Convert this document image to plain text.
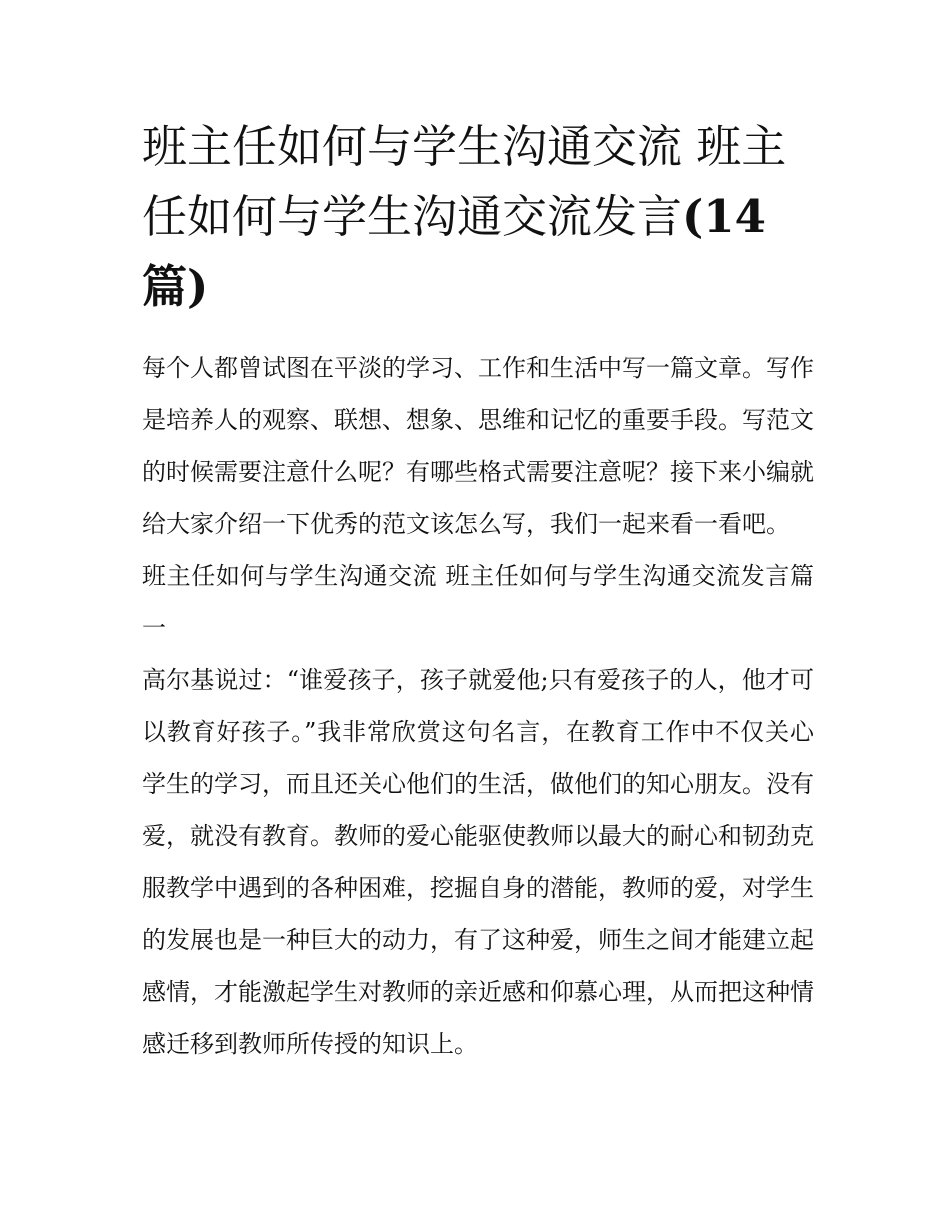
班主任如何与学生沟通交流 班主任如何与学生沟通交流发言(14 篇)

每个人都曾试图在平淡的学习、工作和生活中写一篇文章。写作是培养人的观察、联想、想象、思维和记忆的重要手段。写范文的时候需要注意什么呢？有哪些格式需要注意呢？接下来小编就给大家介绍一下优秀的范文该怎么写，我们一起来看一看吧。

班主任如何与学生沟通交流 班主任如何与学生沟通交流发言篇一

高尔基说过：“谁爱孩子，孩子就爱他;只有爱孩子的人，他才可以教育好孩子。”我非常欣赏这句名言，在教育工作中不仅关心学生的学习，而且还关心他们的生活，做他们的知心朋友。没有爱，就没有教育。教师的爱心能驱使教师以最大的耐心和韧劲克服教学中遇到的各种困难，挖掘自身的潜能，教师的爱，对学生的发展也是一种巨大的动力，有了这种爱，师生之间才能建立起感情，才能激起学生对教师的亲近感和仰慕心理，从而把这种情感迁移到教师所传授的知识上。
